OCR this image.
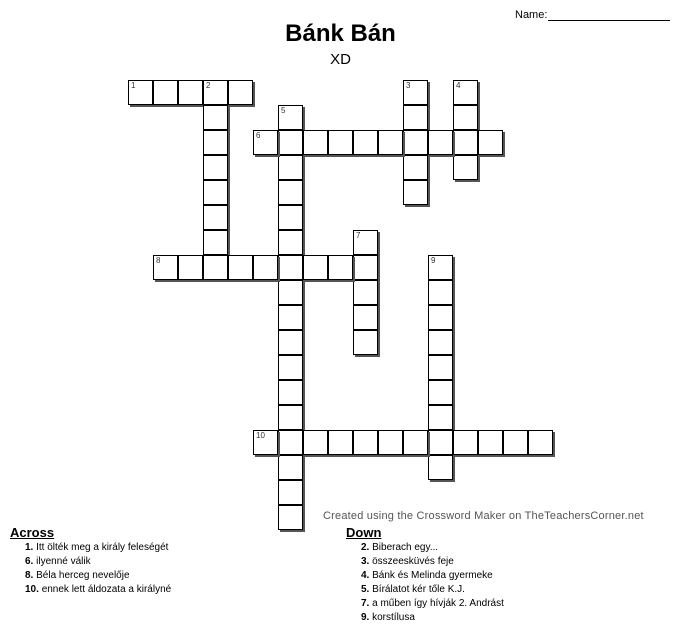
Name:
Bánk Bán
XD
1	2	3	4
5
6
7
8	9
10
Created using the Crossword Maker on TheTeachersCorner.net
Across
1. Itt ölték meg a király feleségét
6. ilyenné válik
8. Béla herceg nevelője
10. ennek lett áldozata a királyné
Down
2. Biberach egy...
3. összeesküvés feje
4. Bánk és Melinda gyermeke
5. Bírálatot kér tőle K.J.
7. a műben így hívják 2. Andrást
9. korstílusa
